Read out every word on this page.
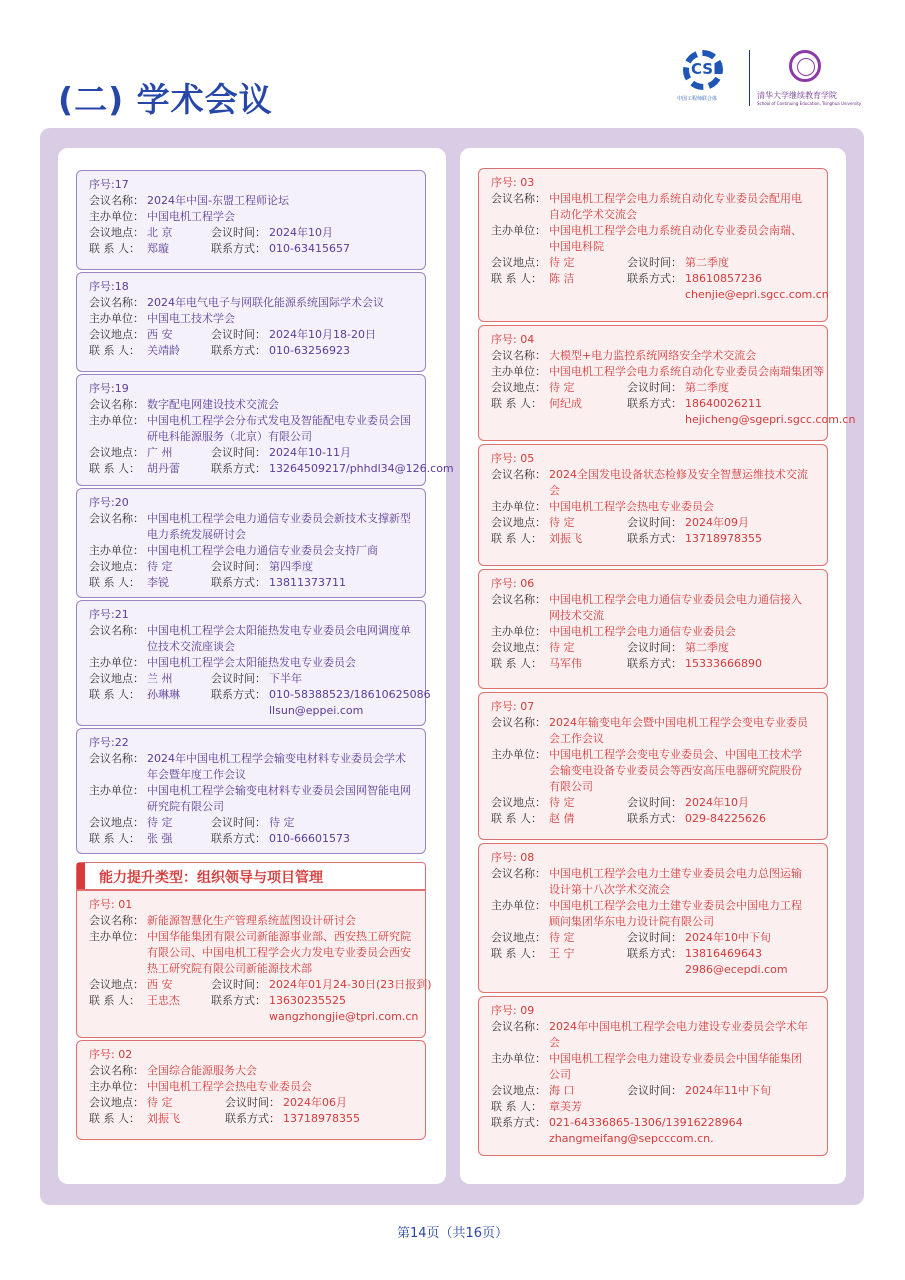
(二) 学术会议
CSE
中国工程师联合体	清华大学继续教育学院
School of Continuing Education, Tsinghua University
序号:17
会议名称： 2024年中国-东盟工程师论坛
主办单位： 中国电机工程学会
会议地点： 北 京	会议时间： 2024年10月
联 系 人： 郑璇	联系方式： 010-63415657
序号:18
会议名称： 2024年电气电子与网联化能源系统国际学术会议
主办单位： 中国电工技术学会
会议地点： 西 安	会议时间： 2024年10月18-20日
联 系 人： 关靖龄	联系方式： 010-63256923
序号:19
会议名称： 数字配电网建设技术交流会
主办单位： 中国电机工程学会分布式发电及智能配电专业委员会国研电科能源服务（北京）有限公司
会议地点： 广 州	会议时间： 2024年10-11月
联 系 人： 胡丹蕾	联系方式： 13264509217/phhdl34@126.com
序号:20
会议名称： 中国电机工程学会电力通信专业委员会新技术支撑新型电力系统发展研讨会
主办单位： 中国电机工程学会电力通信专业委员会支持厂商
会议地点： 待 定	会议时间： 第四季度
联 系 人： 李锐	联系方式： 13811373711
序号:21
会议名称： 中国电机工程学会太阳能热发电专业委员会电网调度单位技术交流座谈会
主办单位： 中国电机工程学会太阳能热发电专业委员会
会议地点： 兰 州	会议时间： 下半年
联 系 人： 孙琳琳	联系方式： 010-58388523/18610625086
llsun@eppei.com
序号:22
会议名称： 2024年中国电机工程学会输变电材料专业委员会学术年会暨年度工作会议
主办单位： 中国电机工程学会输变电材料专业委员会国网智能电网研究院有限公司
会议地点： 待 定	会议时间： 待 定
联 系 人： 张 强	联系方式： 010-66601573
能力提升类型：组织领导与项目管理
序号: 01
会议名称： 新能源智慧化生产管理系统蓝图设计研讨会
主办单位： 中国华能集团有限公司新能源事业部、西安热工研究院有限公司、中国电机工程学会火力发电专业委员会西安热工研究院有限公司新能源技术部
会议地点： 西 安	会议时间： 2024年01月24-30日(23日报到)
联 系 人： 王忠杰	联系方式： 13630235525
wangzhongjie@tpri.com.cn
序号: 02
会议名称： 全国综合能源服务大会
主办单位： 中国电机工程学会热电专业委员会
会议地点： 待 定	会议时间： 2024年06月
联 系 人： 刘振飞	联系方式： 13718978355
序号: 03
会议名称： 中国电机工程学会电力系统自动化专业委员会配用电自动化学术交流会
主办单位： 中国电机工程学会电力系统自动化专业委员会南瑞、中国电科院
会议地点： 待 定	会议时间： 第二季度
联 系 人： 陈 洁	联系方式： 18610857236
chenjie@epri.sgcc.com.cn
序号: 04
会议名称： 大模型+电力监控系统网络安全学术交流会
主办单位： 中国电机工程学会电力系统自动化专业委员会南瑞集团等
会议地点： 待 定	会议时间： 第二季度
联 系 人： 何纪成	联系方式： 18640026211
hejicheng@sgepri.sgcc.com.cn
序号: 05
会议名称： 2024全国发电设备状态检修及安全智慧运维技术交流会
主办单位： 中国电机工程学会热电专业委员会
会议地点： 待 定	会议时间： 2024年09月
联 系 人： 刘振飞	联系方式： 13718978355
序号: 06
会议名称： 中国电机工程学会电力通信专业委员会电力通信接入网技术交流
主办单位： 中国电机工程学会电力通信专业委员会
会议地点： 待 定	会议时间： 第二季度
联 系 人： 马军伟	联系方式： 15333666890
序号: 07
会议名称： 2024年输变电年会暨中国电机工程学会变电专业委员会工作会议
主办单位： 中国电机工程学会变电专业委员会、中国电工技术学会输变电设备专业委员会等西安高压电器研究院股份有限公司
会议地点： 待 定	会议时间： 2024年10月
联 系 人： 赵 倩	联系方式： 029-84225626
序号: 08
会议名称： 中国电机工程学会电力土建专业委员会电力总图运输设计第十八次学术交流会
主办单位： 中国电机工程学会电力土建专业委员会中国电力工程顾问集团华东电力设计院有限公司
会议地点： 待 定	会议时间： 2024年10中下旬
联 系 人： 王 宁	联系方式： 13816469643
2986@ecepdi.com
序号: 09
会议名称： 2024年中国电机工程学会电力建设专业委员会学术年会
主办单位： 中国电机工程学会电力建设专业委员会中国华能集团公司
会议地点： 海 口	会议时间： 2024年11中下旬
联 系 人： 章美芳
联系方式： 021-64336865-1306/13916228964
zhangmeifang@sepcccom.cn.
第14页（共16页）
